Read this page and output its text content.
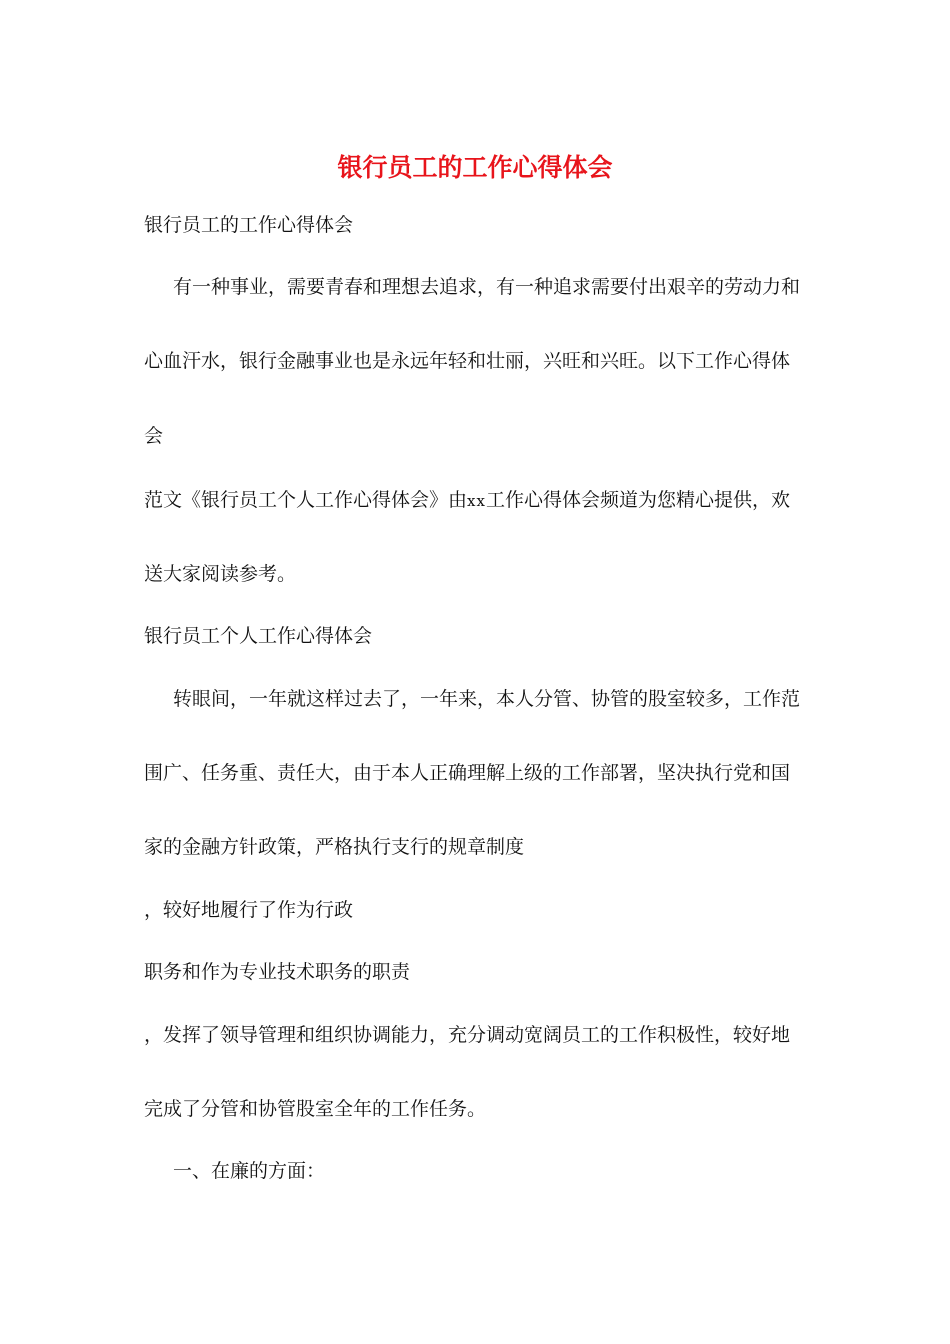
银行员工的工作心得体会
银行员工的工作心得体会
有一种事业，需要青春和理想去追求，有一种追求需要付出艰辛的劳动力和
心血汗水，银行金融事业也是永远年轻和壮丽，兴旺和兴旺。以下工作心得体
会
范文《银行员工个人工作心得体会》由xx工作心得体会频道为您精心提供，欢
送大家阅读参考。
银行员工个人工作心得体会
转眼间，一年就这样过去了，一年来，本人分管、协管的股室较多，工作范
围广、任务重、责任大，由于本人正确理解上级的工作部署，坚决执行党和国
家的金融方针政策，严格执行支行的规章制度
，较好地履行了作为行政
职务和作为专业技术职务的职责
，发挥了领导管理和组织协调能力，充分调动宽阔员工的工作积极性，较好地
完成了分管和协管股室全年的工作任务。
一、在廉的方面：
